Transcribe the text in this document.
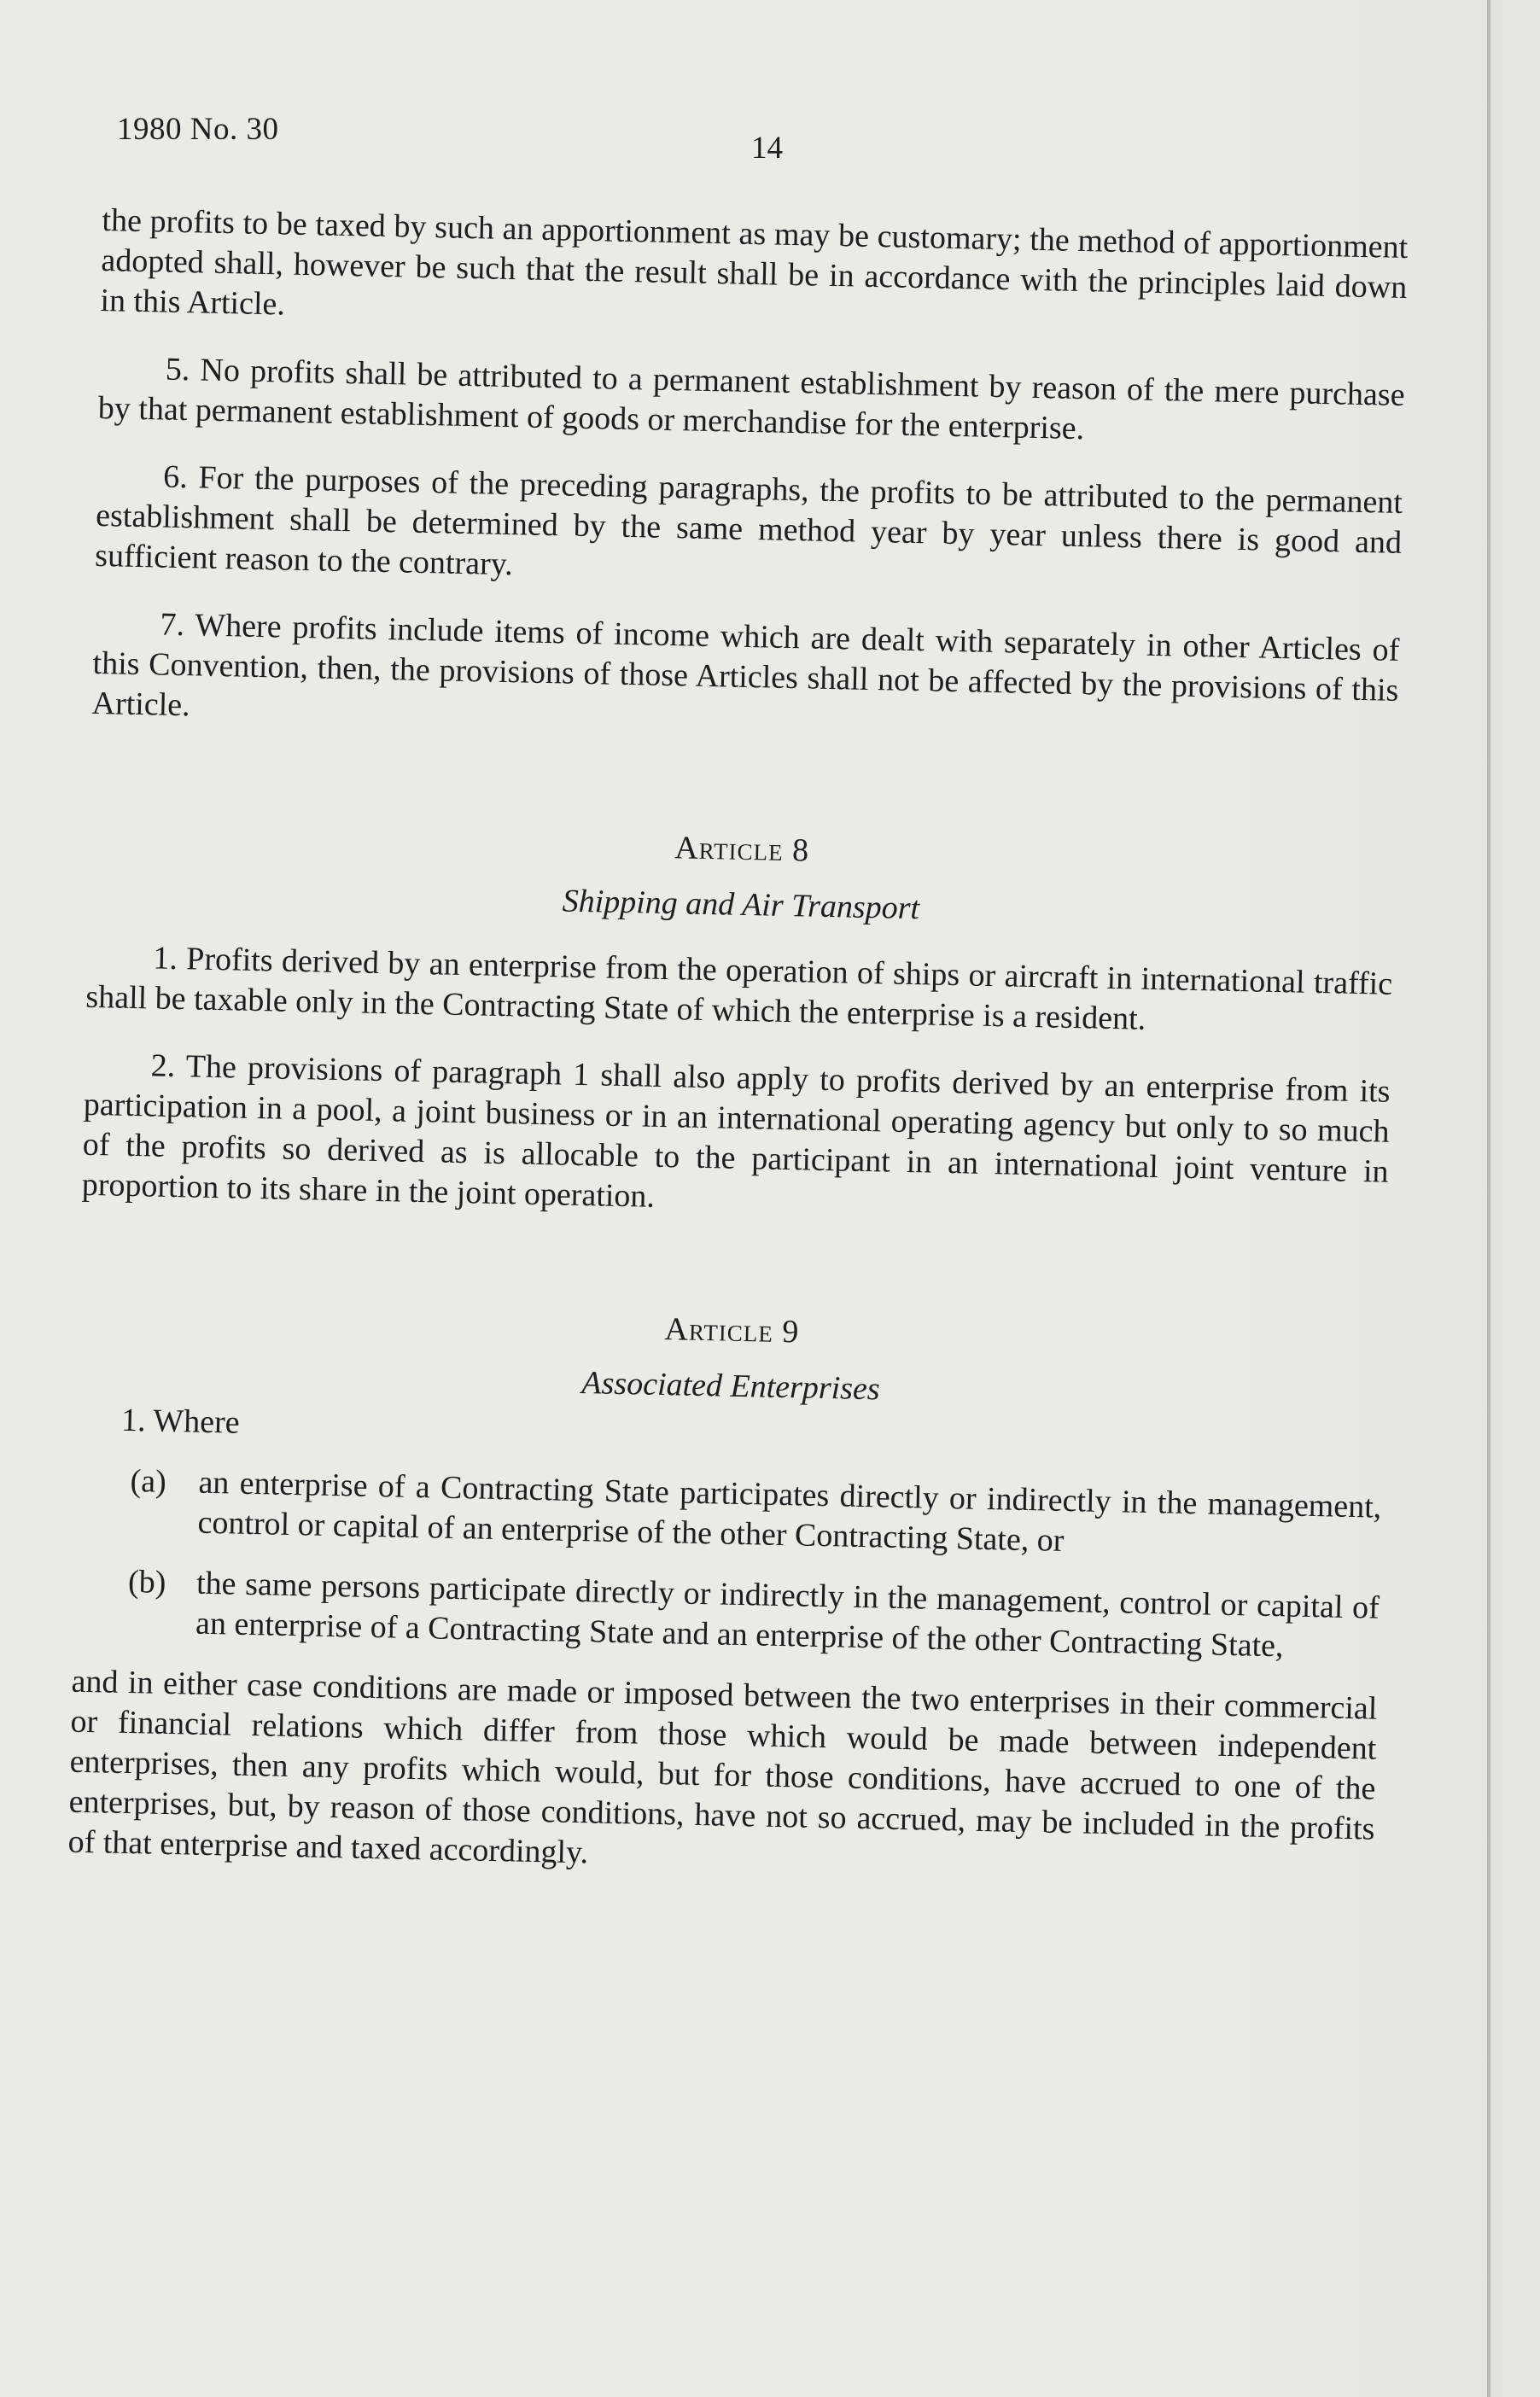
1980 No. 30
14

the profits to be taxed by such an apportionment as may be customary; the method of apportionment adopted shall, however be such that the result shall be in accordance with the principles laid down in this Article.

5. No profits shall be attributed to a permanent establishment by reason of the mere purchase by that permanent establishment of goods or merchandise for the enterprise.

6. For the purposes of the preceding paragraphs, the profits to be attributed to the permanent establishment shall be determined by the same method year by year unless there is good and sufficient reason to the contrary.

7. Where profits include items of income which are dealt with separately in other Articles of this Convention, then, the provisions of those Articles shall not be affected by the provisions of this Article.

Article 8
Shipping and Air Transport

1. Profits derived by an enterprise from the operation of ships or aircraft in international traffic shall be taxable only in the Contracting State of which the enterprise is a resident.

2. The provisions of paragraph 1 shall also apply to profits derived by an enterprise from its participation in a pool, a joint business or in an international operating agency but only to so much of the profits so derived as is allocable to the participant in an international joint venture in proportion to its share in the joint operation.

Article 9
Associated Enterprises
1. Where
(a) an enterprise of a Contracting State participates directly or indirectly in the management, control or capital of an enterprise of the other Contracting State, or
(b) the same persons participate directly or indirectly in the management, control or capital of an enterprise of a Contracting State and an enterprise of the other Contracting State,

and in either case conditions are made or imposed between the two enterprises in their commercial or financial relations which differ from those which would be made between independent enterprises, then any profits which would, but for those conditions, have accrued to one of the enterprises, but, by reason of those conditions, have not so accrued, may be included in the profits of that enterprise and taxed accordingly.
